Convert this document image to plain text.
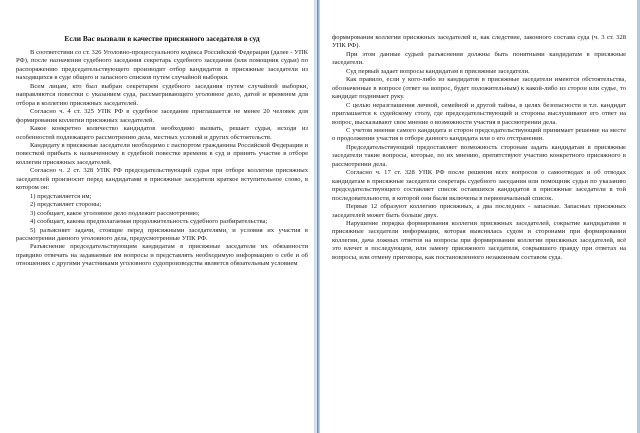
Если Вас вызвали в качестве присяжного заседателя в суд

В соответствии со ст. 326 Уголовно-процессуального кодекса Российской Федерации (далее - УПК РФ), после назначения судебного заседания секретарь судебного заседания (или помощник судьи) по распоряжению председательствующего производит отбор кандидатов в присяжные заседатели из находящихся в суде общего и запасного списков путем случайной выборки.

Всем лицам, кто был выбран секретарем судебного заседания путем случайной выборки, направляются повестки с указанием суда, рассматривающего уголовное дело, датой и временем для отбора в коллегию присяжных заседателей.

Согласно ч. 4 ст. 325 УПК РФ в судебное заседание приглашается не менее 20 человек для формирования коллегии присяжных заседателей.

Какое конкретно количество кандидатов необходимо вызвать, решает судья, исходя из особенностей подлежащего рассмотрению дела, местных условий и других обстоятельств.

Кандидату в присяжные заседатели необходимо с паспортом гражданина Российской Федерации и повесткой прибыть к назначенному в судебной повестке времени в суд и принять участие в отборе коллегии присяжных заседателей.

Согласно ч. 2 ст. 328 УПК РФ председательствующий судья при отборе коллегии присяжных заседателей произносит перед кандидатами в присяжные заседатели краткое вступительное слово, в котором он:

1) представляется им;
2) представляет стороны;
3) сообщает, какое уголовное дело подлежит рассмотрению;
4) сообщает, какова предполагаемая продолжительность судебного разбирательства;
5) разъясняет задачи, стоящие перед присяжными заседателями, и условия их участия в рассмотрении данного уголовного дела, предусмотренные УПК РФ.

Разъяснение председательствующим кандидатам в присяжные заседатели их обязанности правдиво отвечать на задаваемые им вопросы и представлять необходимую информацию о себе и об отношениях с другими участниками уголовного судопроизводства является обязательным условием

формирования коллегии присяжных заседателей и, как следствие, законного состава суда (ч. 3 ст. 328 УПК РФ).

При этом данные судьей разъяснения должны быть понятными кандидатам в присяжные заседатели.

Суд первый задает вопросы кандидатам в присяжные заседатели.

Как правило, если у кого-либо из кандидатов в присяжные заседатели имеются обстоятельства, обозначенные в вопросе (ответ на вопрос, будет положительным) к какой-либо из сторон или судье, то кандидат поднимает руку.

С целью неразглашения личной, семейной и другой тайны, в целях безопасности и т.п. кандидат приглашается к судейскому столу, где председательствующий и стороны выслушивают его ответ на вопрос, высказывают свое мнение о возможности участия в рассмотрении дела.

С учетом мнения самого кандидата и сторон председательствующий принимает решение на месте о продолжении участия в отборе данного кандидата или о его отстранении.

Председательствующий предоставляет возможность сторонам задать кандидатам в присяжные заседатели такие вопросы, которые, по их мнению, препятствуют участию конкретного присяжного в рассмотрении дела.

Согласно ч. 17 ст. 328 УПК РФ после решения всех вопросов о самоотводах и об отводах кандидатам в присяжные заседатели секретарь судебного заседания или помощник судьи по указанию председательствующего составляет список оставшихся кандидатов в присяжные заседатели в той последовательности, в которой они были включены в первоначальный список.

Первые 12 образуют коллегию присяжных, а два последних - запасные. Запасных присяжных заседателей может быть больше двух.

Нарушение порядка формирования коллегии присяжных заседателей, сокрытие кандидатами в присяжные заседатели информации, которая выяснялась судом и сторонами при формировании коллегии, дача ложных ответов на вопросы при формировании коллегии присяжных заседателей, всё это влечет в последующем, или замену присяжного заседателя, сокрывшего правду при ответах на вопросы, или отмену приговора, как постановленного незаконным составом суда.
